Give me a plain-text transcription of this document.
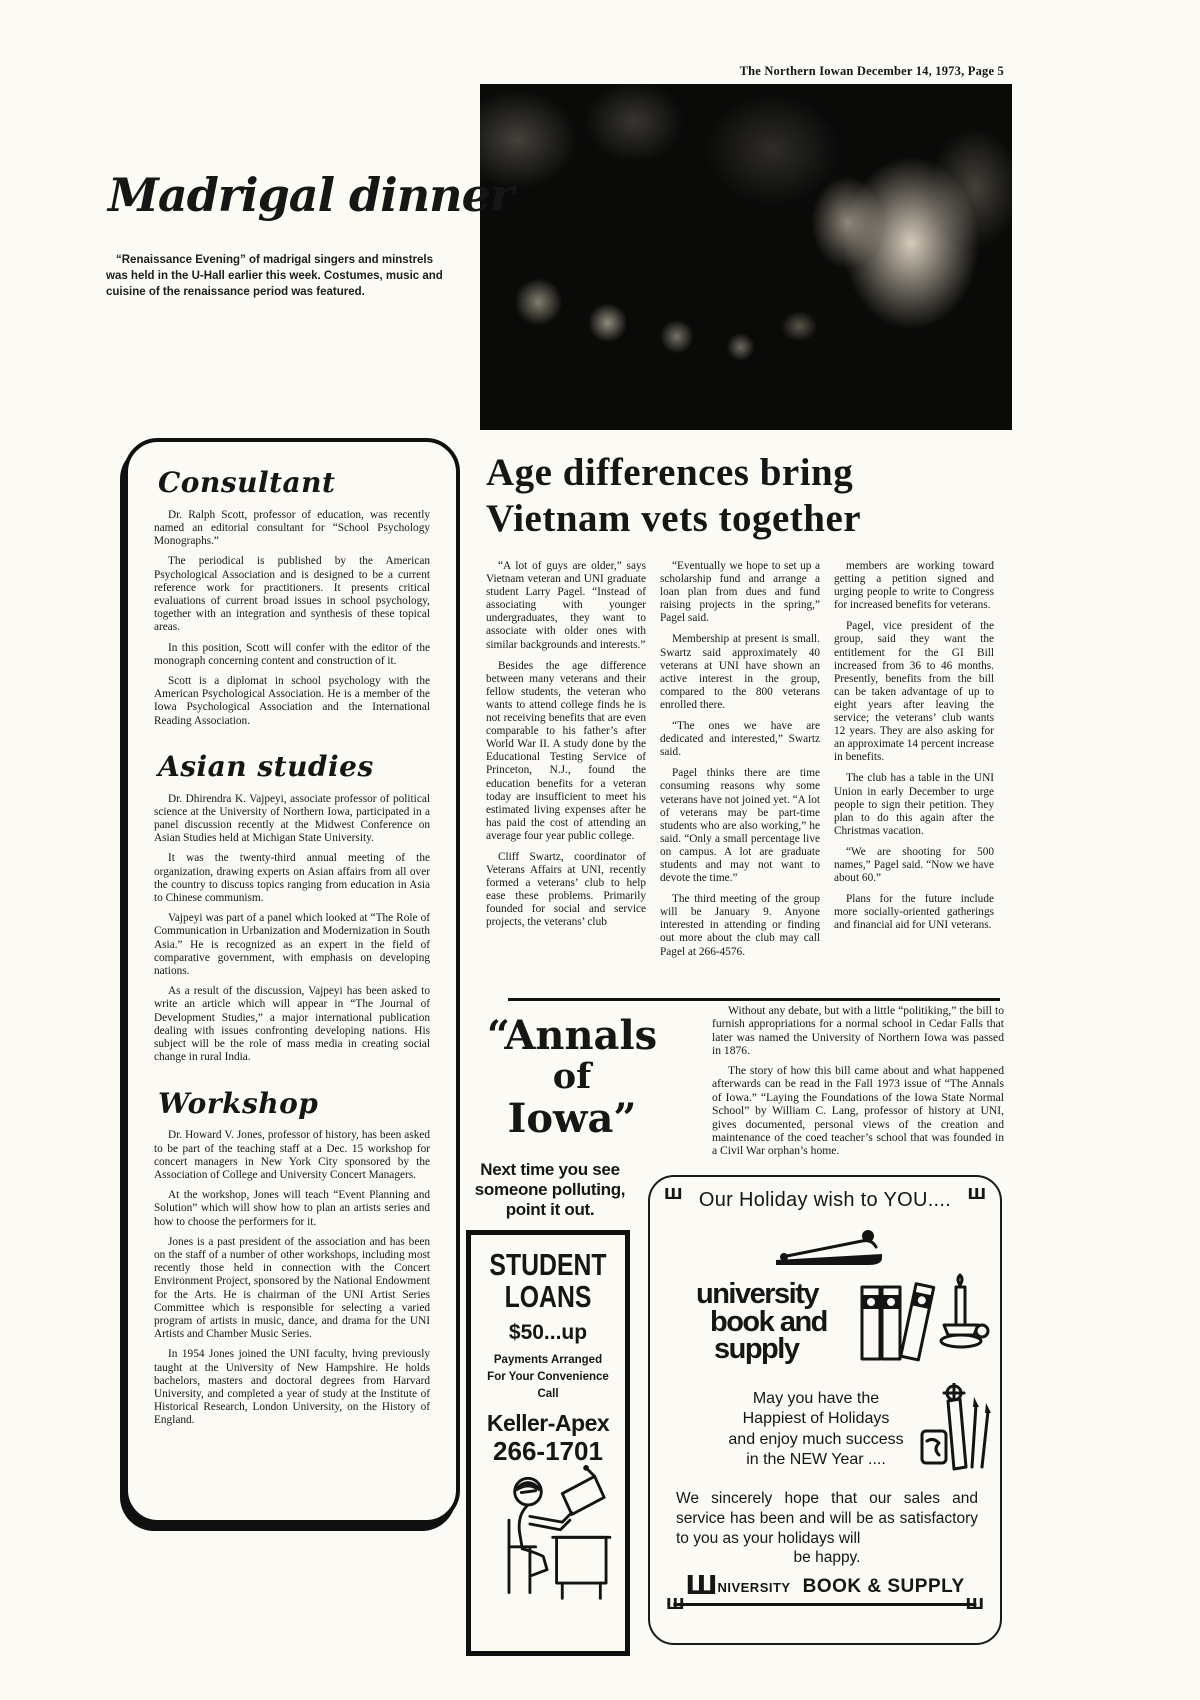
The Northern Iowan December 14, 1973, Page 5
Madrigal dinner

“Renaissance Evening” of madrigal singers and minstrels was held in the U-Hall earlier this week. Costumes, music and cuisine of the renaissance period was featured.

Consultant

Dr. Ralph Scott, professor of education, was recently named an editorial consultant for “School Psychology Monographs.”

The periodical is published by the American Psychological Association and is designed to be a current reference work for practitioners. It presents critical evaluations of current broad issues in school psychology, together with an integration and synthesis of these topical areas.

In this position, Scott will confer with the editor of the monograph concerning content and construction of it.

Scott is a diplomat in school psychology with the American Psychological Association. He is a member of the Iowa Psychological Association and the International Reading Association.

Asian studies

Dr. Dhirendra K. Vajpeyi, associate professor of political science at the University of Northern Iowa, participated in a panel discussion recently at the Midwest Conference on Asian Studies held at Michigan State University.

It was the twenty-third annual meeting of the organization, drawing experts on Asian affairs from all over the country to discuss topics ranging from education in Asia to Chinese communism.

Vajpeyi was part of a panel which looked at “The Role of Communication in Urbanization and Modernization in South Asia.” He is recognized as an expert in the field of comparative government, with emphasis on developing nations.

As a result of the discussion, Vajpeyi has been asked to write an article which will appear in “The Journal of Development Studies,” a major international publication dealing with issues confronting developing nations. His subject will be the role of mass media in creating social change in rural India.

Workshop

Dr. Howard V. Jones, professor of history, has been asked to be part of the teaching staff at a Dec. 15 workshop for concert managers in New York City sponsored by the Association of College and University Concert Managers.

At the workshop, Jones will teach “Event Planning and Solution” which will show how to plan an artists series and how to choose the performers for it.

Jones is a past president of the association and has been on the staff of a number of other workshops, including most recently those held in connection with the Concert Environment Project, sponsored by the National Endowment for the Arts. He is chairman of the UNI Artist Series Committee which is responsible for selecting a varied program of artists in music, dance, and drama for the UNI Artists and Chamber Music Series.

In 1954 Jones joined the UNI faculty, hving previously taught at the University of New Hampshire. He holds bachelors, masters and doctoral degrees from Harvard University, and completed a year of study at the Institute of Historical Research, London University, on the History of England.

Age differences bring
Vietnam vets together

“A lot of guys are older,” says Vietnam veteran and UNI graduate student Larry Pagel. “Instead of associating with younger undergraduates, they want to associate with older ones with similar backgrounds and interests.”

Besides the age difference between many veterans and their fellow students, the veteran who wants to attend college finds he is not receiving benefits that are even comparable to his father’s after World War II. A study done by the Educational Testing Service of Princeton, N.J., found the education benefits for a veteran today are insufficient to meet his estimated living expenses after he has paid the cost of attending an average four year public college.

Cliff Swartz, coordinator of Veterans Affairs at UNI, recently formed a veterans’ club to help ease these problems. Primarily founded for social and service projects, the veterans’ club

“Eventually we hope to set up a scholarship fund and arrange a loan plan from dues and fund raising projects in the spring,” Pagel said.

Membership at present is small. Swartz said approximately 40 veterans at UNI have shown an active interest in the group, compared to the 800 veterans enrolled there.

“The ones we have are dedicated and interested,” Swartz said.

Pagel thinks there are time consuming reasons why some veterans have not joined yet. “A lot of veterans may be part-time students who are also working,” he said. “Only a small percentage live on campus. A lot are graduate students and may not want to devote the time.”

The third meeting of the group will be January 9. Anyone interested in attending or finding out more about the club may call Pagel at 266-4576.

members are working toward getting a petition signed and urging people to write to Congress for increased benefits for veterans.

Pagel, vice president of the group, said they want the entitlement for the GI Bill increased from 36 to 46 months. Presently, benefits from the bill can be taken advantage of up to eight years after leaving the service; the veterans’ club wants 12 years. They are also asking for an approximate 14 percent increase in benefits.

The club has a table in the UNI Union in early December to urge people to sign their petition. They plan to do this again after the Christmas vacation.

“We are shooting for 500 names,” Pagel said. “Now we have about 60.”

Plans for the future include more socially-oriented gatherings and financial aid for UNI veterans.

“Annals
of
Iowa”

Without any debate, but with a little “politiking,” the bill to furnish appropriations for a normal school in Cedar Falls that later was named the University of Northern Iowa was passed in 1876.

The story of how this bill came about and what happened afterwards can be read in the Fall 1973 issue of “The Annals of Iowa.” “Laying the Foundations of the Iowa State Normal School” by William C. Lang, professor of history at UNI, gives documented, personal views of the creation and maintenance of the coed teacher’s school that was founded in a Civil War orphan’s home.

Next time you see
someone polluting,
point it out.
STUDENT
LOANS
$50...up
Payments Arranged
For Your Convenience
Call
Keller-Apex
266-1701
Ш	Ш
Ш	Ш
Our Holiday wish to YOU....
university
book and
supply
May you have the
Happiest of Holidays
and enjoy much success
in the NEW Year ....

We sincerely hope that our sales and service has been and will be as satisfactory to you as your holidays will

be happy.
Шniversity BOOK & SUPPLY
